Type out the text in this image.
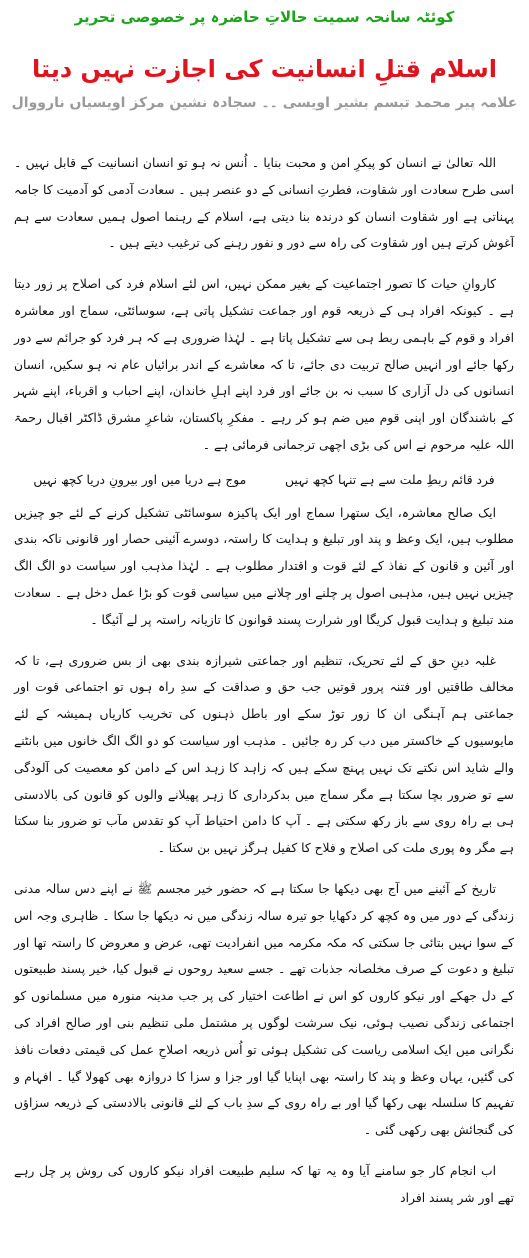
کوئٹہ سانحہ سمیت حالاتِ حاضرہ پر خصوصی تحریر
اسلام قتلِ انسانیت کی اجازت نہیں دیتا
علامہ پیر محمد تبسم بشیر اویسی ۔۔ سجادہ نشین مرکز اویسیاں نارووال

اللہ تعالیٰ نے انسان کو پیکرِ امن و محبت بنایا ۔ اُنس نہ ہو تو انسان انسانیت کے قابل نہیں ۔ اسی طرح سعادت اور شقاوت، فطرتِ انسانی کے دو عنصر ہیں ۔ سعادت آدمی کو آدمیت کا جامہ پہناتی ہے اور شقاوت انسان کو درندہ بنا دیتی ہے، اسلام کے رہنما اصول ہمیں سعادت سے ہم آغوش کرتے ہیں اور شقاوت کی راہ سے دور و نفور رہنے کی ترغیب دیتے ہیں ۔

کاروانِ حیات کا تصور اجتماعیت کے بغیر ممکن نہیں، اس لئے اسلام فرد کی اصلاح پر زور دیتا ہے ۔ کیونکہ افراد ہی کے ذریعہ قوم اور جماعت تشکیل پاتی ہے، سوسائٹی، سماج اور معاشرہ افراد و قوم کے باہمی ربط ہی سے تشکیل پاتا ہے ۔ لہٰذا ضروری ہے کہ ہر فرد کو جرائم سے دور رکھا جائے اور انہیں صالح تربیت دی جائے، تا کہ معاشرے کے اندر برائیاں عام نہ ہو سکیں، انسان انسانوں کی دل آزاری کا سبب نہ بن جائے اور فرد اپنے اہلِ خاندان، اپنے احباب و اقرباء، اپنے شہر کے باشندگان اور اپنی قوم میں ضم ہو کر رہے ۔ مفکرِ پاکستان، شاعرِ مشرق ڈاکٹر اقبال رحمۃ اللہ علیہ مرحوم نے اس کی بڑی اچھی ترجمانی فرمائی ہے ۔

فرد قائم ربطِ ملت سے ہے تنہا کچھ نہیں
موج ہے دریا میں اور بیرونِ دریا کچھ نہیں

ایک صالح معاشرہ، ایک ستھرا سماج اور ایک پاکیزہ سوسائٹی تشکیل کرنے کے لئے جو چیزیں مطلوب ہیں، ایک وعظ و پند اور تبلیغ و ہدایت کا راستہ، دوسرے آئینی حصار اور قانونی ناکہ بندی اور آئین و قانون کے نفاذ کے لئے قوت و اقتدار مطلوب ہے ۔ لہٰذا مذہب اور سیاست دو الگ الگ چیزیں نہیں ہیں، مذہبی اصول پر چلنے اور چلانے میں سیاسی قوت کو بڑا عمل دخل ہے ۔ سعادت مند تبلیغ و ہدایت قبول کریگا اور شرارت پسند قوانون کا تازیانہ راستہ پر لے آئیگا ۔

غلبہ دینِ حق کے لئے تحریک، تنظیم اور جماعتی شیرازہ بندی بھی از بس ضروری ہے، تا کہ مخالف طاقتیں اور فتنہ پرور قوتیں جب حق و صداقت کے سدِ راہ ہوں تو اجتماعی قوت اور جماعتی ہم آہنگی ان کا زور توڑ سکے اور باطل ذہنوں کی تخریب کاریاں ہمیشہ کے لئے مایوسیوں کے خاکستر میں دب کر رہ جائیں ۔ مذہب اور سیاست کو دو الگ الگ خانوں میں بانٹنے والے شاید اس نکتے تک نہیں پہنچ سکے ہیں کہ زاہد کا زہد اس کے دامن کو معصیت کی آلودگی سے تو ضرور بچا سکتا ہے مگر سماج میں بدکرداری کا زہر پھیلانے والوں کو قانون کی بالادستی ہی بے راہ روی سے باز رکھ سکتی ہے ۔ آپ کا دامن احتیاط آپ کو تقدس مآب تو ضرور بنا سکتا ہے مگر وہ پوری ملت کی اصلاح و فلاح کا کفیل ہرگز نہیں بن سکتا ۔

تاریخ کے آئینے میں آج بھی دیکھا جا سکتا ہے کہ حضور خیر مجسم ﷺ نے اپنے دس سالہ مدنی زندگی کے دور میں وہ کچھ کر دکھایا جو تیرہ سالہ زندگی میں نہ دیکھا جا سکا ۔ ظاہری وجہ اس کے سوا نہیں بتائی جا سکتی کہ مکہ مکرمہ میں انفرادیت تھی، عرض و معروض کا راستہ تھا اور تبلیغ و دعوت کے صرف مخلصانہ جذبات تھے ۔ جسے سعید روحوں نے قبول کیا، خیر پسند طبیعتوں کے دل جھکے اور نیکو کاروں کو اس نے اطاعت اختیار کی پر جب مدینہ منورہ میں مسلمانوں کو اجتماعی زندگی نصیب ہوئی، نیک سرشت لوگوں پر مشتمل ملی تنظیم بنی اور صالح افراد کی نگرانی میں ایک اسلامی ریاست کی تشکیل ہوئی تو اُس ذریعہ اصلاحِ عمل کی قیمتی دفعات نافذ کی گئیں، یہاں وعظ و پند کا راستہ بھی اپنایا گیا اور جزا و سزا کا دروازہ بھی کھولا گیا ۔ افہام و تفہیم کا سلسلہ بھی رکھا گیا اور بے راہ روی کے سدِ باب کے لئے قانونی بالادستی کے ذریعہ سزاؤں کی گنجائش بھی رکھی گئی ۔

اب انجام کار جو سامنے آیا وہ یہ تھا کہ سلیم طبیعت افراد نیکو کاروں کی روش پر چل رہے تھے اور شر پسند افراد
